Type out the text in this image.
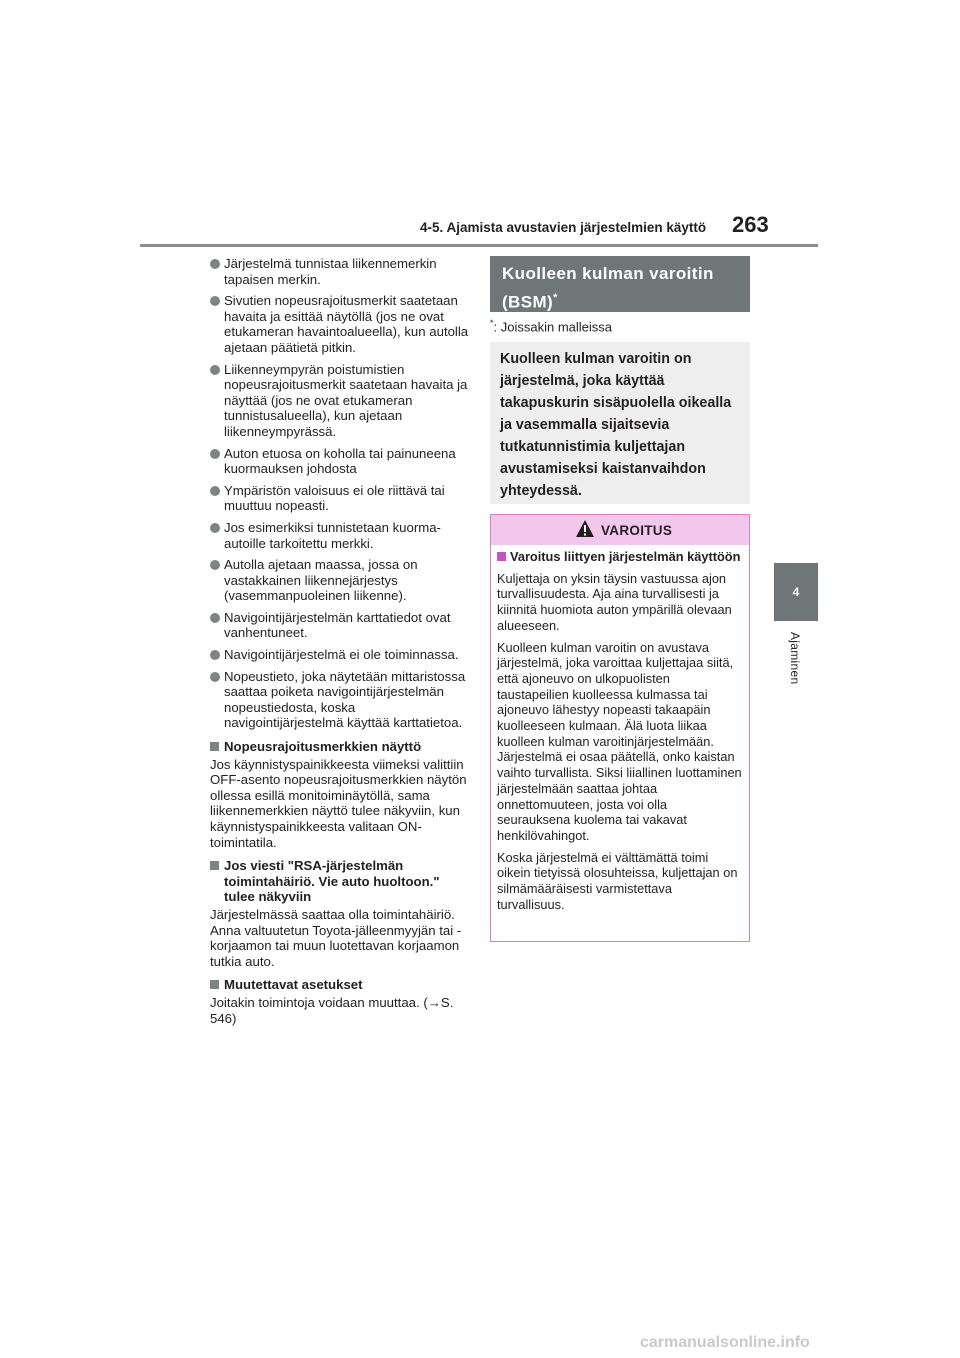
4-5. Ajamista avustavien järjestelmien käyttö 263
4
Ajaminen
Järjestelmä tunnistaa liikennemerkin tapaisen merkin.
Sivutien nopeusrajoitusmerkit saatetaan havaita ja esittää näytöllä (jos ne ovat etukameran havaintoalueella), kun autolla ajetaan päätietä pitkin.
Liikenneympyrän poistumistien nopeusrajoitusmerkit saatetaan havaita ja näyttää (jos ne ovat etukameran tunnistusalueella), kun ajetaan liikenneympyrässä.
Auton etuosa on koholla tai painuneena kuormauksen johdosta
Ympäristön valoisuus ei ole riittävä tai muuttuu nopeasti.
Jos esimerkiksi tunnistetaan kuorma-autoille tarkoitettu merkki.
Autolla ajetaan maassa, jossa on vastakkainen liikennejärjestys (vasemmanpuoleinen liikenne).
Navigointijärjestelmän karttatiedot ovat vanhentuneet.
Navigointijärjestelmä ei ole toiminnassa.
Nopeustieto, joka näytetään mittaristossa saattaa poiketa navigointijärjestelmän nopeustiedosta, koska navigointijärjestelmä käyttää karttatietoa.
Nopeusrajoitusmerkkien näyttö
Jos käynnistyspainikkeesta viimeksi valittiin OFF-asento nopeusrajoitusmerkkien näytön ollessa esillä monitoiminäytöllä, sama liikennemerkkien näyttö tulee näkyviin, kun käynnistyspainikkeesta valitaan ON-toimintatila.
Jos viesti "RSA-järjestelmän toimintahäiriö. Vie auto huoltoon." tulee näkyviin
Järjestelmässä saattaa olla toimintahäiriö. Anna valtuutetun Toyota-jälleenmyyjän tai -korjaamon tai muun luotettavan korjaamon tutkia auto.
Muutettavat asetukset
Joitakin toimintoja voidaan muuttaa. (→S. 546)
Kuolleen kulman varoitin (BSM)*
*: Joissakin malleissa
Kuolleen kulman varoitin on järjestelmä, joka käyttää takapuskurin sisäpuolella oikealla ja vasemmalla sijaitsevia tutkatunnistimia kuljettajan avustamiseksi kaistanvaihdon yhteydessä.
VAROITUS
Varoitus liittyen järjestelmän käyttöön
Kuljettaja on yksin täysin vastuussa ajon turvallisuudesta. Aja aina turvallisesti ja kiinnitä huomiota auton ympärillä olevaan alueeseen.
Kuolleen kulman varoitin on avustava järjestelmä, joka varoittaa kuljettajaa siitä, että ajoneuvo on ulkopuolisten taustapeilien kuolleessa kulmassa tai ajoneuvo lähestyy nopeasti takaapäin kuolleeseen kulmaan. Älä luota liikaa kuolleen kulman varoitinjärjestelmään. Järjestelmä ei osaa päätellä, onko kaistan vaihto turvallista. Siksi liiallinen luottaminen järjestelmään saattaa johtaa onnettomuuteen, josta voi olla seurauksena kuolema tai vakavat henkilövahingot.
Koska järjestelmä ei välttämättä toimi oikein tietyissä olosuhteissa, kuljettajan on silmämääräisesti varmistettava turvallisuus.
carmanualsonline.info
